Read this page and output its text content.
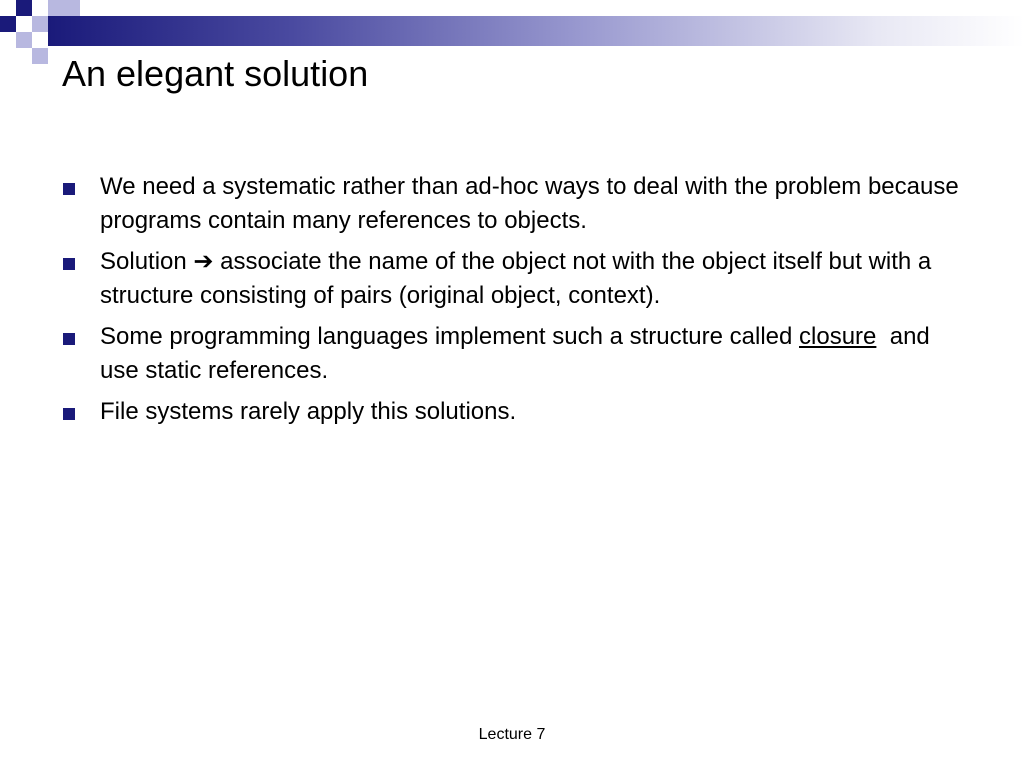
An elegant solution
We need a systematic rather than ad-hoc ways to deal with the problem because programs contain many references to objects.
Solution ➔ associate the name of the object not with the object itself but with a structure consisting of pairs (original object, context).
Some programming languages implement such a structure called closure  and use static references.
File systems rarely apply this solutions.
Lecture 7
